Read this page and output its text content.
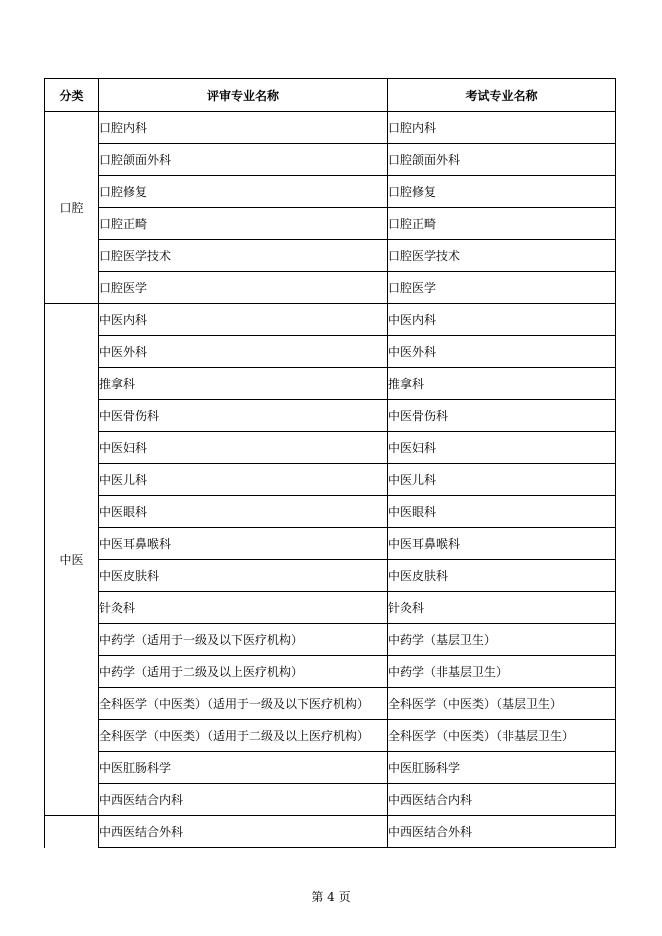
分类	评审专业名称	考试专业名称
口腔	口腔内科	口腔内科
	口腔颌面外科	口腔颌面外科
	口腔修复	口腔修复
	口腔正畸	口腔正畸
	口腔医学技术	口腔医学技术
	口腔医学	口腔医学
中医	中医内科	中医内科
	中医外科	中医外科
	推拿科	推拿科
	中医骨伤科	中医骨伤科
	中医妇科	中医妇科
	中医儿科	中医儿科
	中医眼科	中医眼科
	中医耳鼻喉科	中医耳鼻喉科
	中医皮肤科	中医皮肤科
	针灸科	针灸科
	中药学（适用于一级及以下医疗机构）	中药学（基层卫生）
	中药学（适用于二级及以上医疗机构）	中药学（非基层卫生）
	全科医学（中医类）（适用于一级及以下医疗机构）	全科医学（中医类）（基层卫生）
	全科医学（中医类）（适用于二级及以上医疗机构）	全科医学（中医类）（非基层卫生）
	中医肛肠科学	中医肛肠科学
	中西医结合内科	中西医结合内科
	中西医结合外科	中西医结合外科
第 4 页
